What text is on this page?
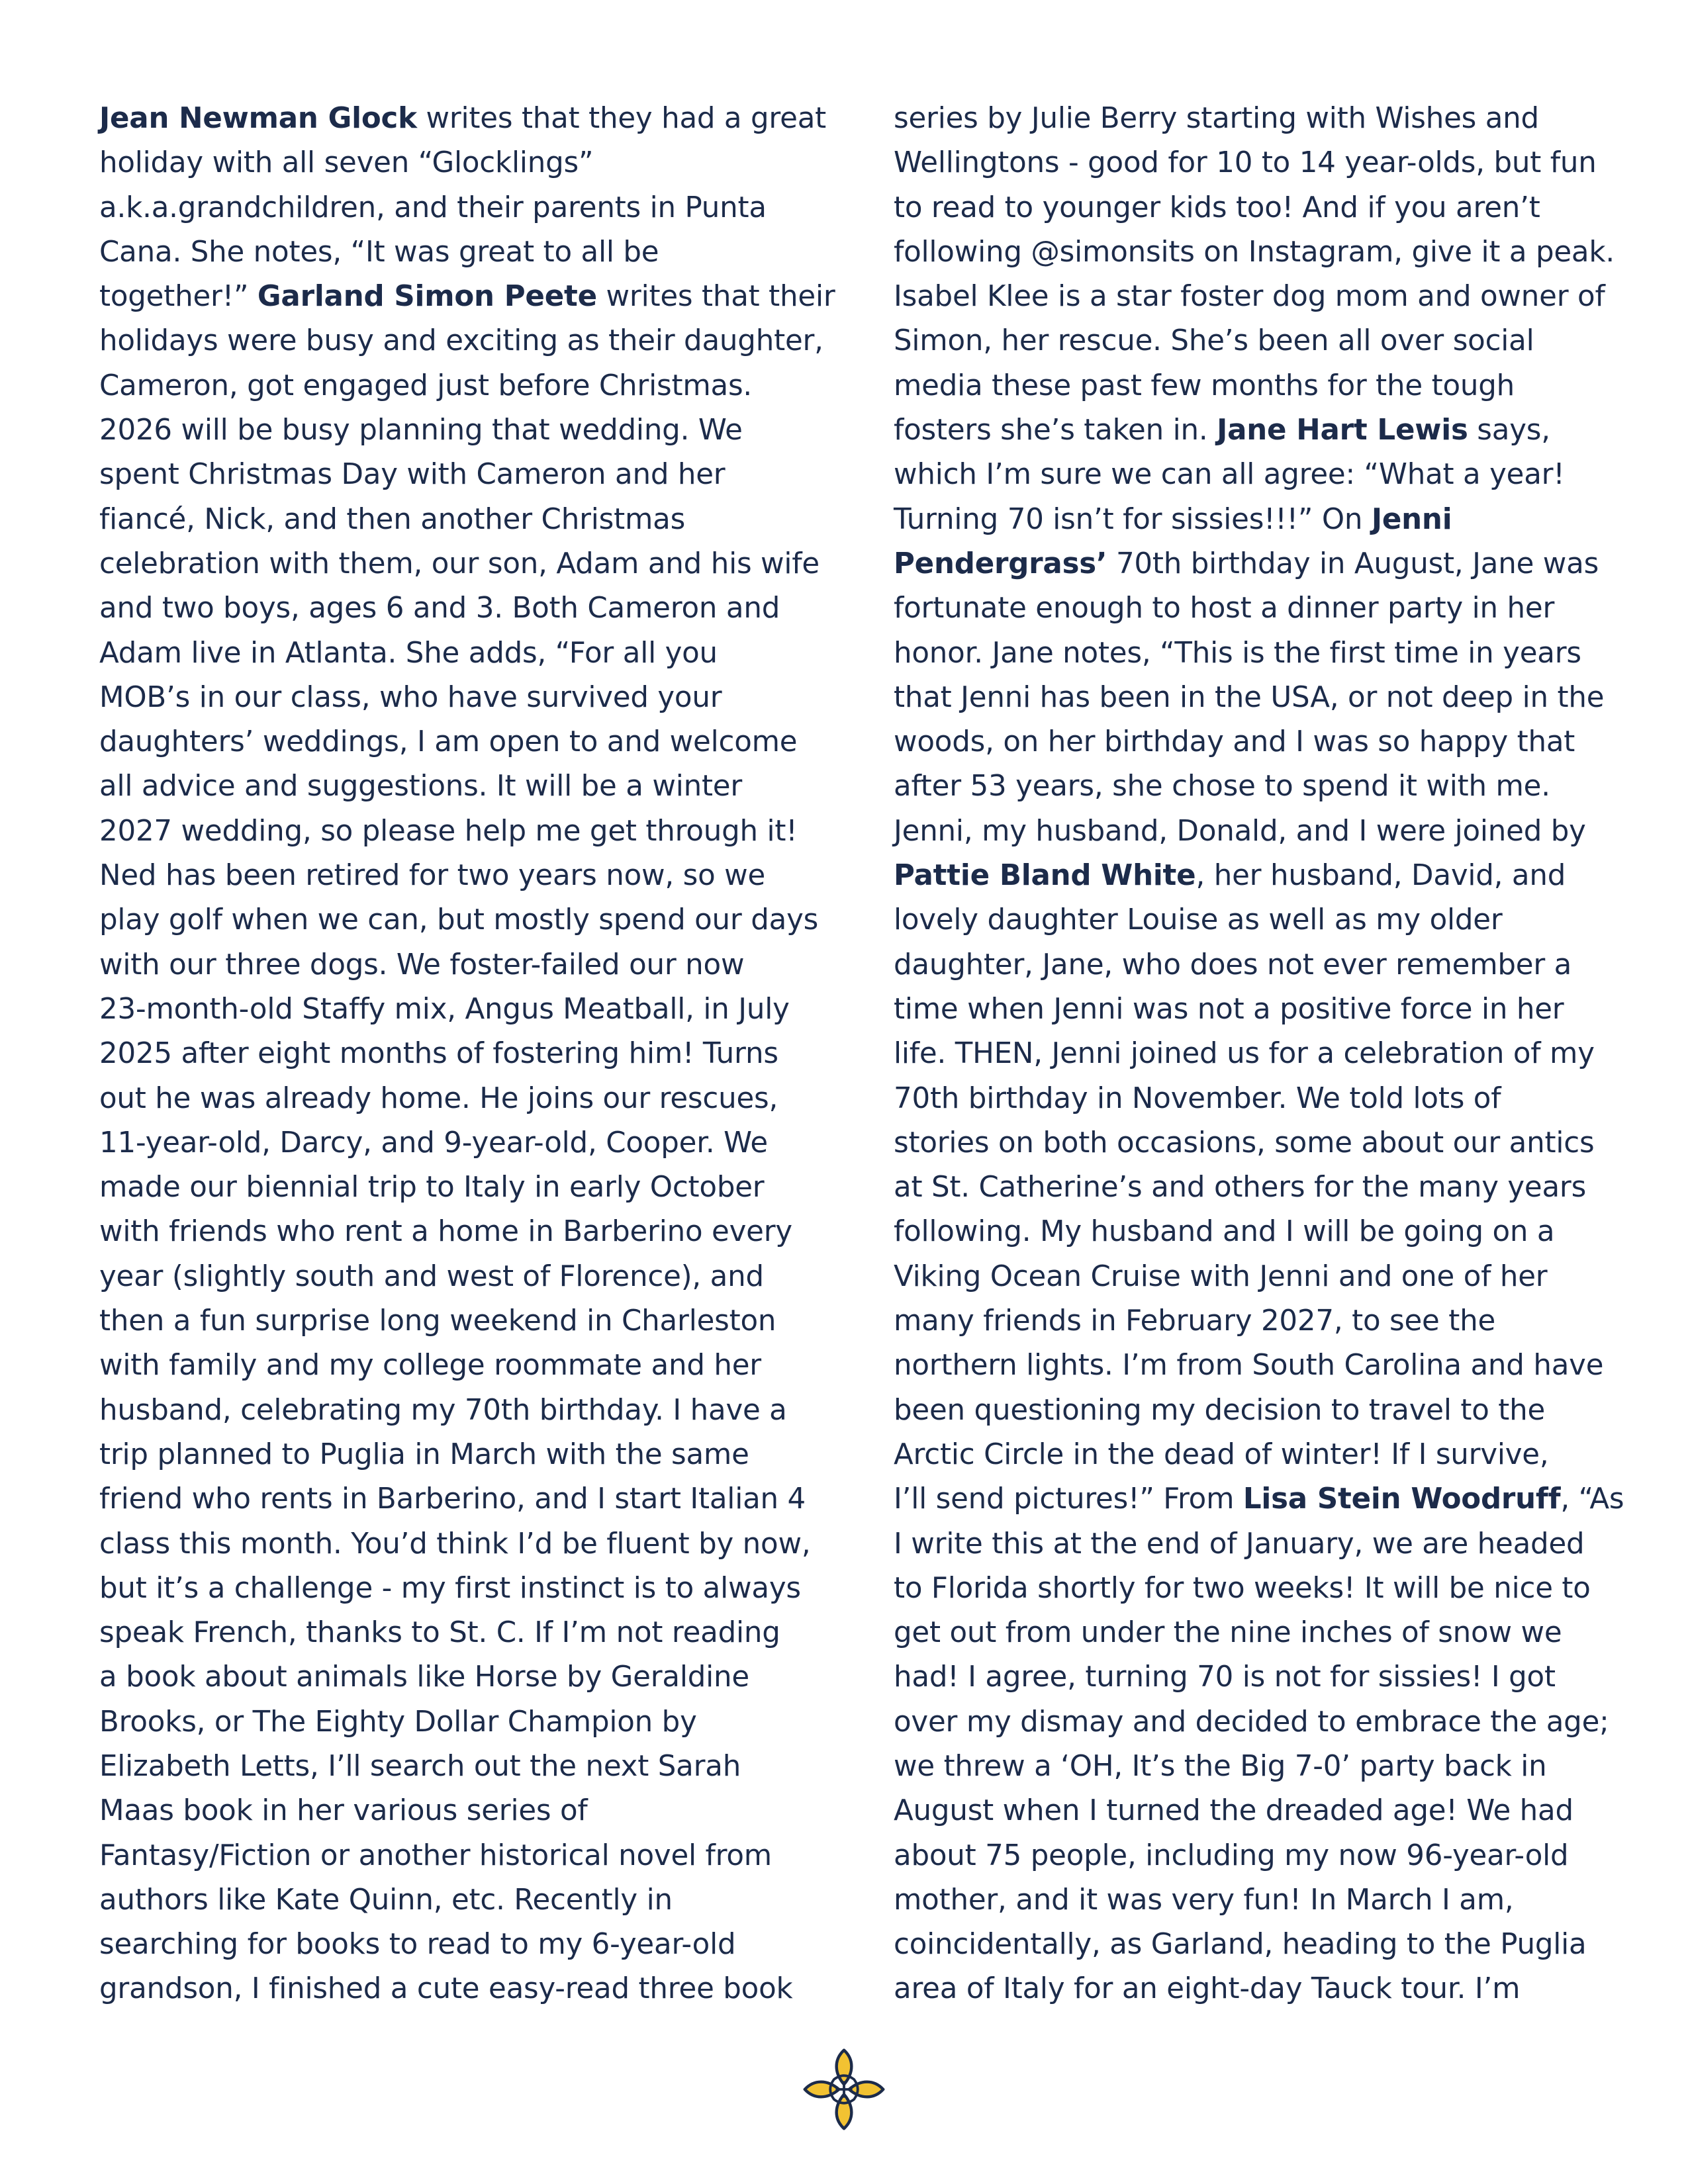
Jean Newman Glock writes that they had a great
holiday with all seven “Glocklings”
a.k.a.grandchildren, and their parents in Punta
Cana. She notes, “It was great to all be
together!” Garland Simon Peete writes that their
holidays were busy and exciting as their daughter,
Cameron, got engaged just before Christmas.
2026 will be busy planning that wedding. We
spent Christmas Day with Cameron and her
fiancé, Nick, and then another Christmas
celebration with them, our son, Adam and his wife
and two boys, ages 6 and 3. Both Cameron and
Adam live in Atlanta. She adds, “For all you
MOB’s in our class, who have survived your
daughters’ weddings, I am open to and welcome
all advice and suggestions. It will be a winter
2027 wedding, so please help me get through it!
Ned has been retired for two years now, so we
play golf when we can, but mostly spend our days
with our three dogs. We foster-failed our now
23-month-old Staffy mix, Angus Meatball, in July
2025 after eight months of fostering him! Turns
out he was already home. He joins our rescues,
11-year-old, Darcy, and 9-year-old, Cooper. We
made our biennial trip to Italy in early October
with friends who rent a home in Barberino every
year (slightly south and west of Florence), and
then a fun surprise long weekend in Charleston
with family and my college roommate and her
husband, celebrating my 70th birthday. I have a
trip planned to Puglia in March with the same
friend who rents in Barberino, and I start Italian 4
class this month. You’d think I’d be fluent by now,
but it’s a challenge - my first instinct is to always
speak French, thanks to St. C. If I’m not reading
a book about animals like Horse by Geraldine
Brooks, or The Eighty Dollar Champion by
Elizabeth Letts, I’ll search out the next Sarah
Maas book in her various series of
Fantasy/Fiction or another historical novel from
authors like Kate Quinn, etc. Recently in
searching for books to read to my 6-year-old
grandson, I finished a cute easy-read three book
series by Julie Berry starting with Wishes and
Wellingtons - good for 10 to 14 year-olds, but fun
to read to younger kids too! And if you aren’t
following @simonsits on Instagram, give it a peak.
Isabel Klee is a star foster dog mom and owner of
Simon, her rescue. She’s been all over social
media these past few months for the tough
fosters she’s taken in. Jane Hart Lewis says,
which I’m sure we can all agree: “What a year!
Turning 70 isn’t for sissies!!!” On Jenni
Pendergrass’ 70th birthday in August, Jane was
fortunate enough to host a dinner party in her
honor. Jane notes, “This is the first time in years
that Jenni has been in the USA, or not deep in the
woods, on her birthday and I was so happy that
after 53 years, she chose to spend it with me.
Jenni, my husband, Donald, and I were joined by
Pattie Bland White, her husband, David, and
lovely daughter Louise as well as my older
daughter, Jane, who does not ever remember a
time when Jenni was not a positive force in her
life. THEN, Jenni joined us for a celebration of my
70th birthday in November. We told lots of
stories on both occasions, some about our antics
at St. Catherine’s and others for the many years
following. My husband and I will be going on a
Viking Ocean Cruise with Jenni and one of her
many friends in February 2027, to see the
northern lights. I’m from South Carolina and have
been questioning my decision to travel to the
Arctic Circle in the dead of winter! If I survive,
I’ll send pictures!” From Lisa Stein Woodruff, “As
I write this at the end of January, we are headed
to Florida shortly for two weeks! It will be nice to
get out from under the nine inches of snow we
had! I agree, turning 70 is not for sissies! I got
over my dismay and decided to embrace the age;
we threw a ‘OH, It’s the Big 7-0’ party back in
August when I turned the dreaded age! We had
about 75 people, including my now 96-year-old
mother, and it was very fun! In March I am,
coincidentally, as Garland, heading to the Puglia
area of Italy for an eight-day Tauck tour. I’m
